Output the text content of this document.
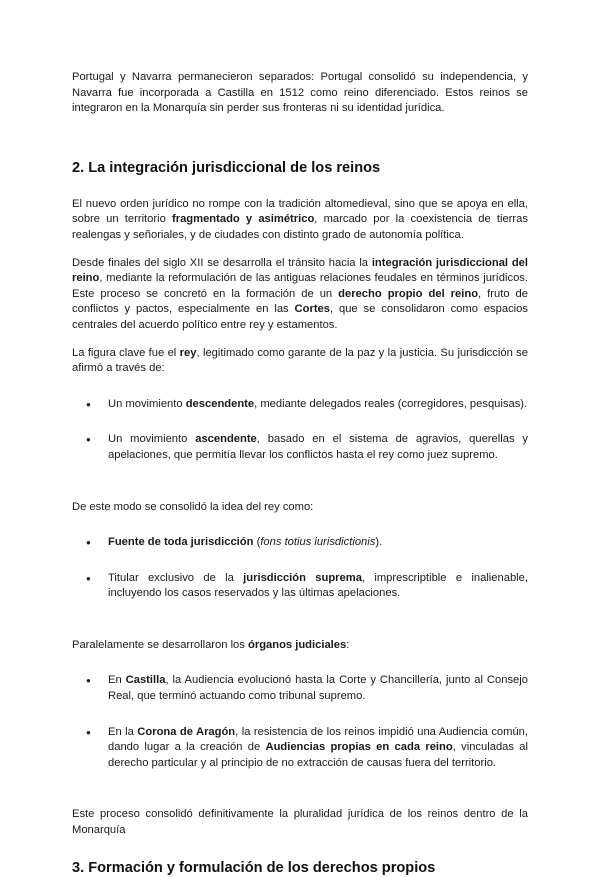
Portugal y Navarra permanecieron separados: Portugal consolidó su independencia, y Navarra fue incorporada a Castilla en 1512 como reino diferenciado. Estos reinos se integraron en la Monarquía sin perder sus fronteras ni su identidad jurídica.

2. La integración jurisdiccional de los reinos

El nuevo orden jurídico no rompe con la tradición altomedieval, sino que se apoya en ella, sobre un territorio fragmentado y asimétrico, marcado por la coexistencia de tierras realengas y señoriales, y de ciudades con distinto grado de autonomía política.

Desde finales del siglo XII se desarrolla el tránsito hacia la integración jurisdiccional del reino, mediante la reformulación de las antiguas relaciones feudales en términos jurídicos. Este proceso se concretó en la formación de un derecho propio del reino, fruto de conflictos y pactos, especialmente en las Cortes, que se consolidaron como espacios centrales del acuerdo político entre rey y estamentos.

La figura clave fue el rey, legitimado como garante de la paz y la justicia. Su jurisdicción se afirmó a través de:

● Un movimiento descendente, mediante delegados reales (corregidores, pesquisas).
● Un movimiento ascendente, basado en el sistema de agravios, querellas y apelaciones, que permitía llevar los conflictos hasta el rey como juez supremo.

De este modo se consolidó la idea del rey como:

● Fuente de toda jurisdicción (fons totius iurisdictionis).
● Titular exclusivo de la jurisdicción suprema, imprescriptible e inalienable, incluyendo los casos reservados y las últimas apelaciones.

Paralelamente se desarrollaron los órganos judiciales:

● En Castilla, la Audiencia evolucionó hasta la Corte y Chancillería, junto al Consejo Real, que terminó actuando como tribunal supremo.
● En la Corona de Aragón, la resistencia de los reinos impidió una Audiencia común, dando lugar a la creación de Audiencias propias en cada reino, vinculadas al derecho particular y al principio de no extracción de causas fuera del territorio.

Este proceso consolidó definitivamente la pluralidad jurídica de los reinos dentro de la Monarquía

3. Formación y formulación de los derechos propios
